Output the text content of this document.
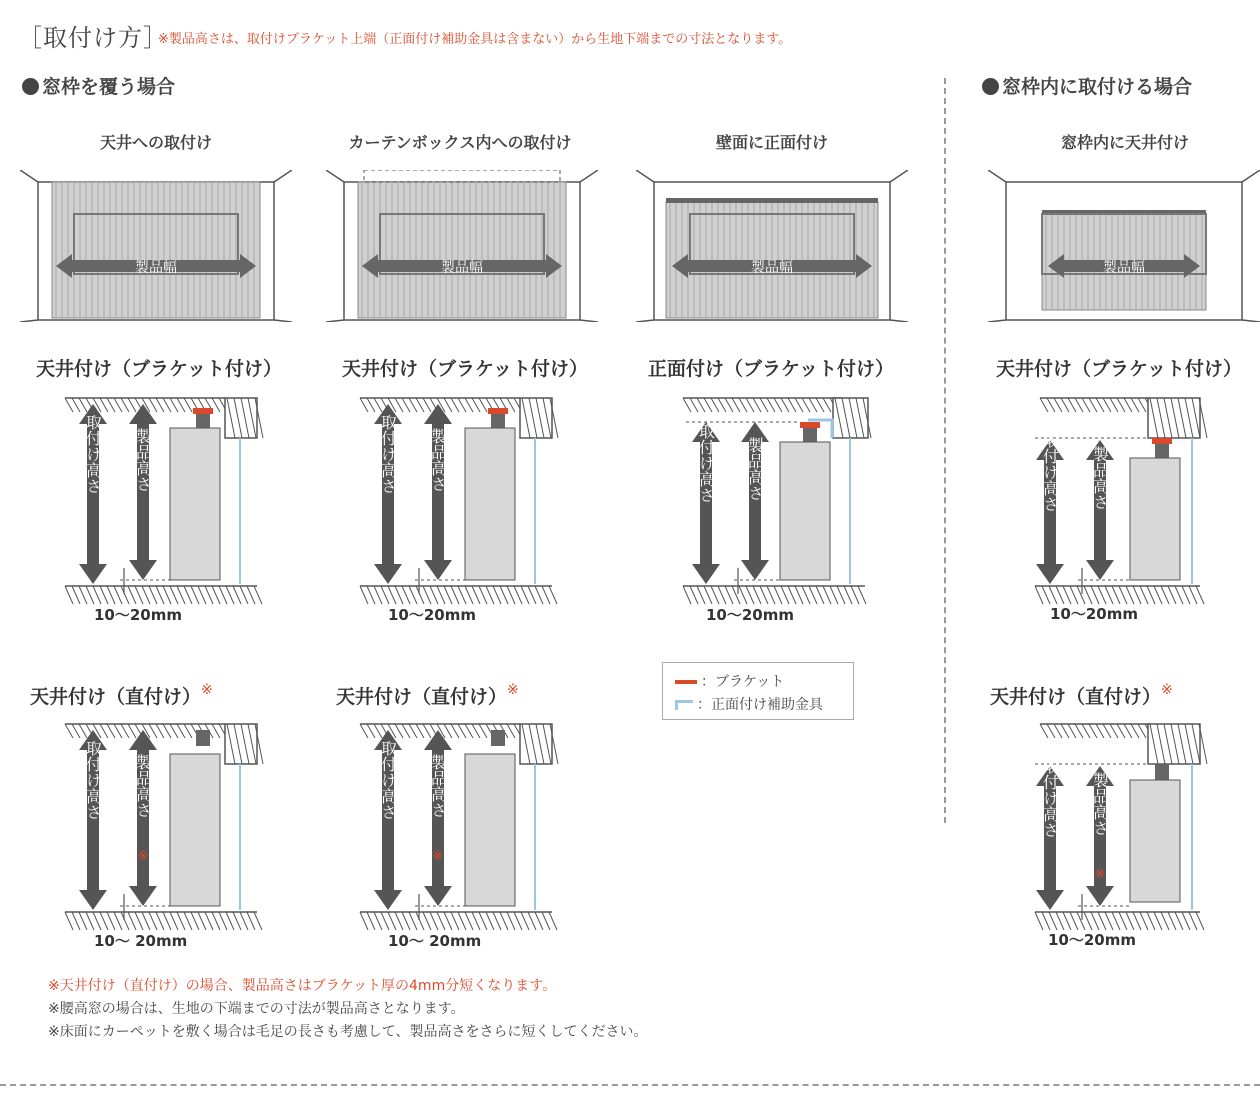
［取付け方］
※製品高さは、取付けブラケット上端（正面付け補助金具は含まない）から生地下端までの寸法となります。
窓枠を覆う場合	窓枠内に取付ける場合
天井への取付け	カーテンボックス内への取付け	壁面に正面付け	窓枠内に天井付け
製品幅	製品幅	製品幅	製品幅
天井付け（ブラケット付け）	天井付け（ブラケット付け）	正面付け（ブラケット付け）	天井付け（ブラケット付け）
天井付け（直付け）※	天井付け（直付け）※	天井付け（直付け）※
取付け高さ 製品高さ	取付け高さ 製品高さ	取付け高さ 製品高さ	取付け高さ 製品高さ
取付け高さ 製品高さ
※
取付け高さ 製品高さ
※
取付け高さ 製品高さ
※
10〜20mm	10〜20mm	10〜20mm	10〜20mm
10〜 20mm	10〜 20mm	10〜20mm
：ブラケット
：正面付け補助金具
※天井付け（直付け）の場合、製品高さはブラケット厚の4mm分短くなります。
※腰高窓の場合は、生地の下端までの寸法が製品高さとなります。
※床面にカーペットを敷く場合は毛足の長さも考慮して、製品高さをさらに短くしてください。
